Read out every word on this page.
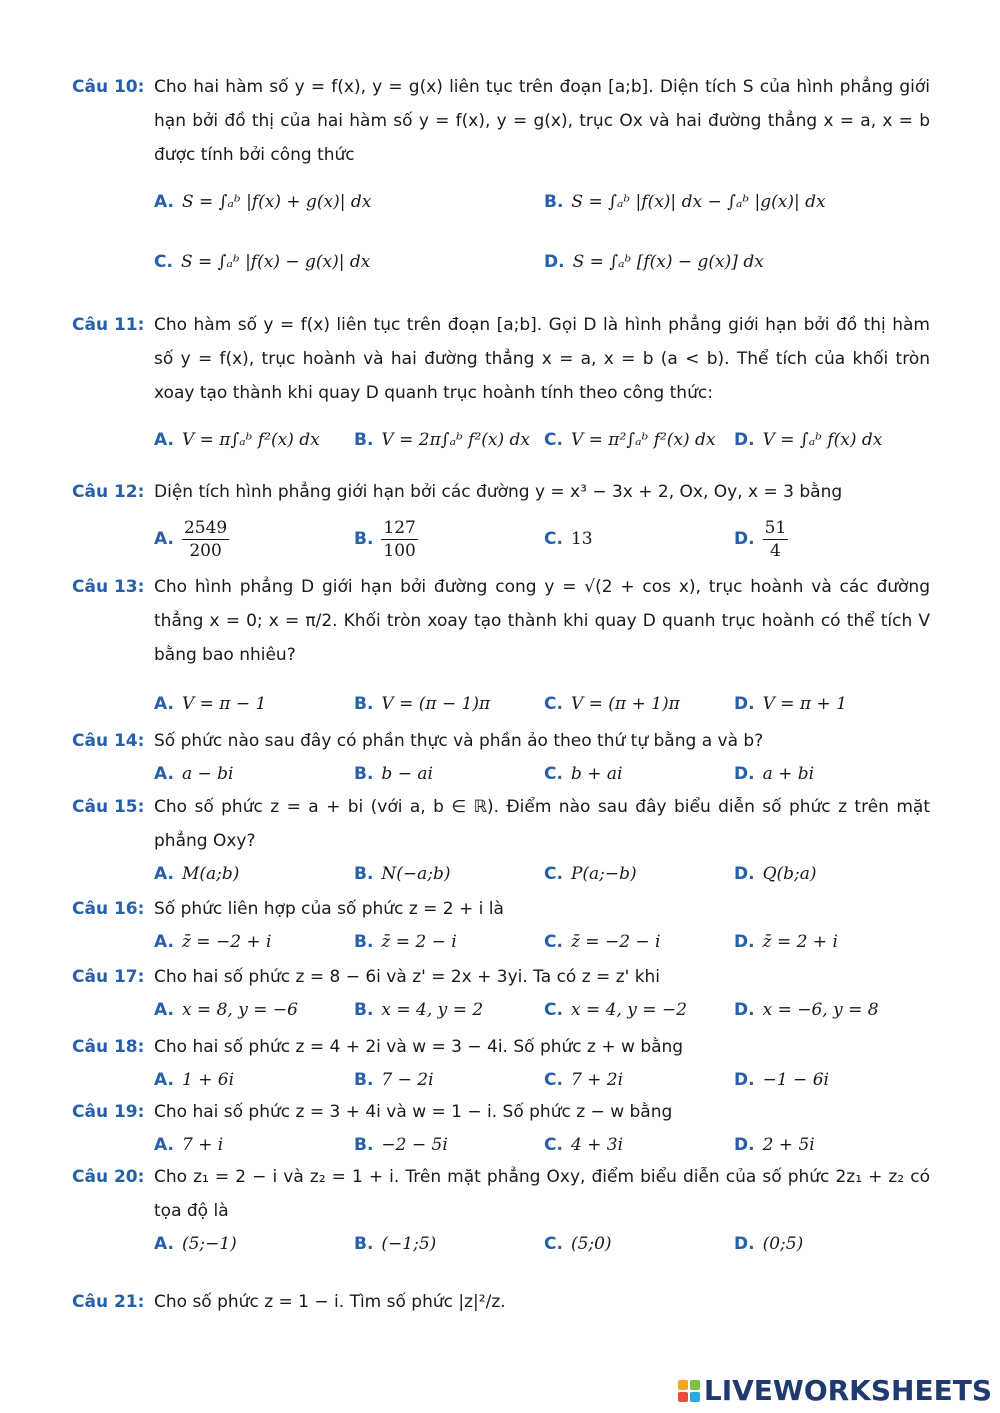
Câu 10: Cho hai hàm số y = f(x), y = g(x) liên tục trên đoạn [a;b]. Diện tích S của hình phẳng giới hạn bởi đồ thị của hai hàm số y = f(x), y = g(x), trục Ox và hai đường thẳng x = a, x = b được tính bởi công thức
A. S = ∫ₐᵇ |f(x) + g(x)| dx	B. S = ∫ₐᵇ |f(x)| dx − ∫ₐᵇ |g(x)| dx
C. S = ∫ₐᵇ |f(x) − g(x)| dx	D. S = ∫ₐᵇ [f(x) − g(x)] dx
Câu 11: Cho hàm số y = f(x) liên tục trên đoạn [a;b]. Gọi D là hình phẳng giới hạn bởi đồ thị hàm số y = f(x), trục hoành và hai đường thẳng x = a, x = b (a < b). Thể tích của khối tròn xoay tạo thành khi quay D quanh trục hoành tính theo công thức:
A. V = π∫ₐᵇ f²(x) dx B. V = 2π∫ₐᵇ f²(x) dx C. V = π²∫ₐᵇ f²(x) dx D. V = ∫ₐᵇ f(x) dx
Câu 12: Diện tích hình phẳng giới hạn bởi các đường y = x³ − 3x + 2, Ox, Oy, x = 3 bằng
A. $\frac{2549}{200}$	B. $\frac{127}{100}$	C. 13	D. $\frac{51}{4}$
Câu 13: Cho hình phẳng D giới hạn bởi đường cong y = √(2 + cos x), trục hoành và các đường thẳng x = 0; x = π/2. Khối tròn xoay tạo thành khi quay D quanh trục hoành có thể tích V bằng bao nhiêu?
A. V = π − 1	B. V = (π − 1)π	C. V = (π + 1)π	D. V = π + 1
Câu 14: Số phức nào sau đây có phần thực và phần ảo theo thứ tự bằng a và b?
A. a − bi	B. b − ai	C. b + ai	D. a + bi
Câu 15: Cho số phức z = a + bi (với a, b ∈ ℝ). Điểm nào sau đây biểu diễn số phức z trên mặt phẳng Oxy?
A. M(a;b)	B. N(−a;b)	C. P(a;−b)	D. Q(b;a)
Câu 16: Số phức liên hợp của số phức z = 2 + i là
A. z̄ = −2 + i	B. z̄ = 2 − i	C. z̄ = −2 − i	D. z̄ = 2 + i
Câu 17: Cho hai số phức z = 8 − 6i và z' = 2x + 3yi. Ta có z = z' khi
A. x = 8, y = −6	B. x = 4, y = 2	C. x = 4, y = −2	D. x = −6, y = 8
Câu 18: Cho hai số phức z = 4 + 2i và w = 3 − 4i. Số phức z + w bằng
A. 1 + 6i	B. 7 − 2i	C. 7 + 2i	D. −1 − 6i
Câu 19: Cho hai số phức z = 3 + 4i và w = 1 − i. Số phức z − w bằng
A. 7 + i	B. −2 − 5i	C. 4 + 3i	D. 2 + 5i
Câu 20: Cho z₁ = 2 − i và z₂ = 1 + i. Trên mặt phẳng Oxy, điểm biểu diễn của số phức 2z₁ + z₂ có tọa độ là
A. (5;−1)	B. (−1;5)	C. (5;0)	D. (0;5)
Câu 21: Cho số phức z = 1 − i. Tìm số phức |z|²/z.
LIVEWORKSHEETS
